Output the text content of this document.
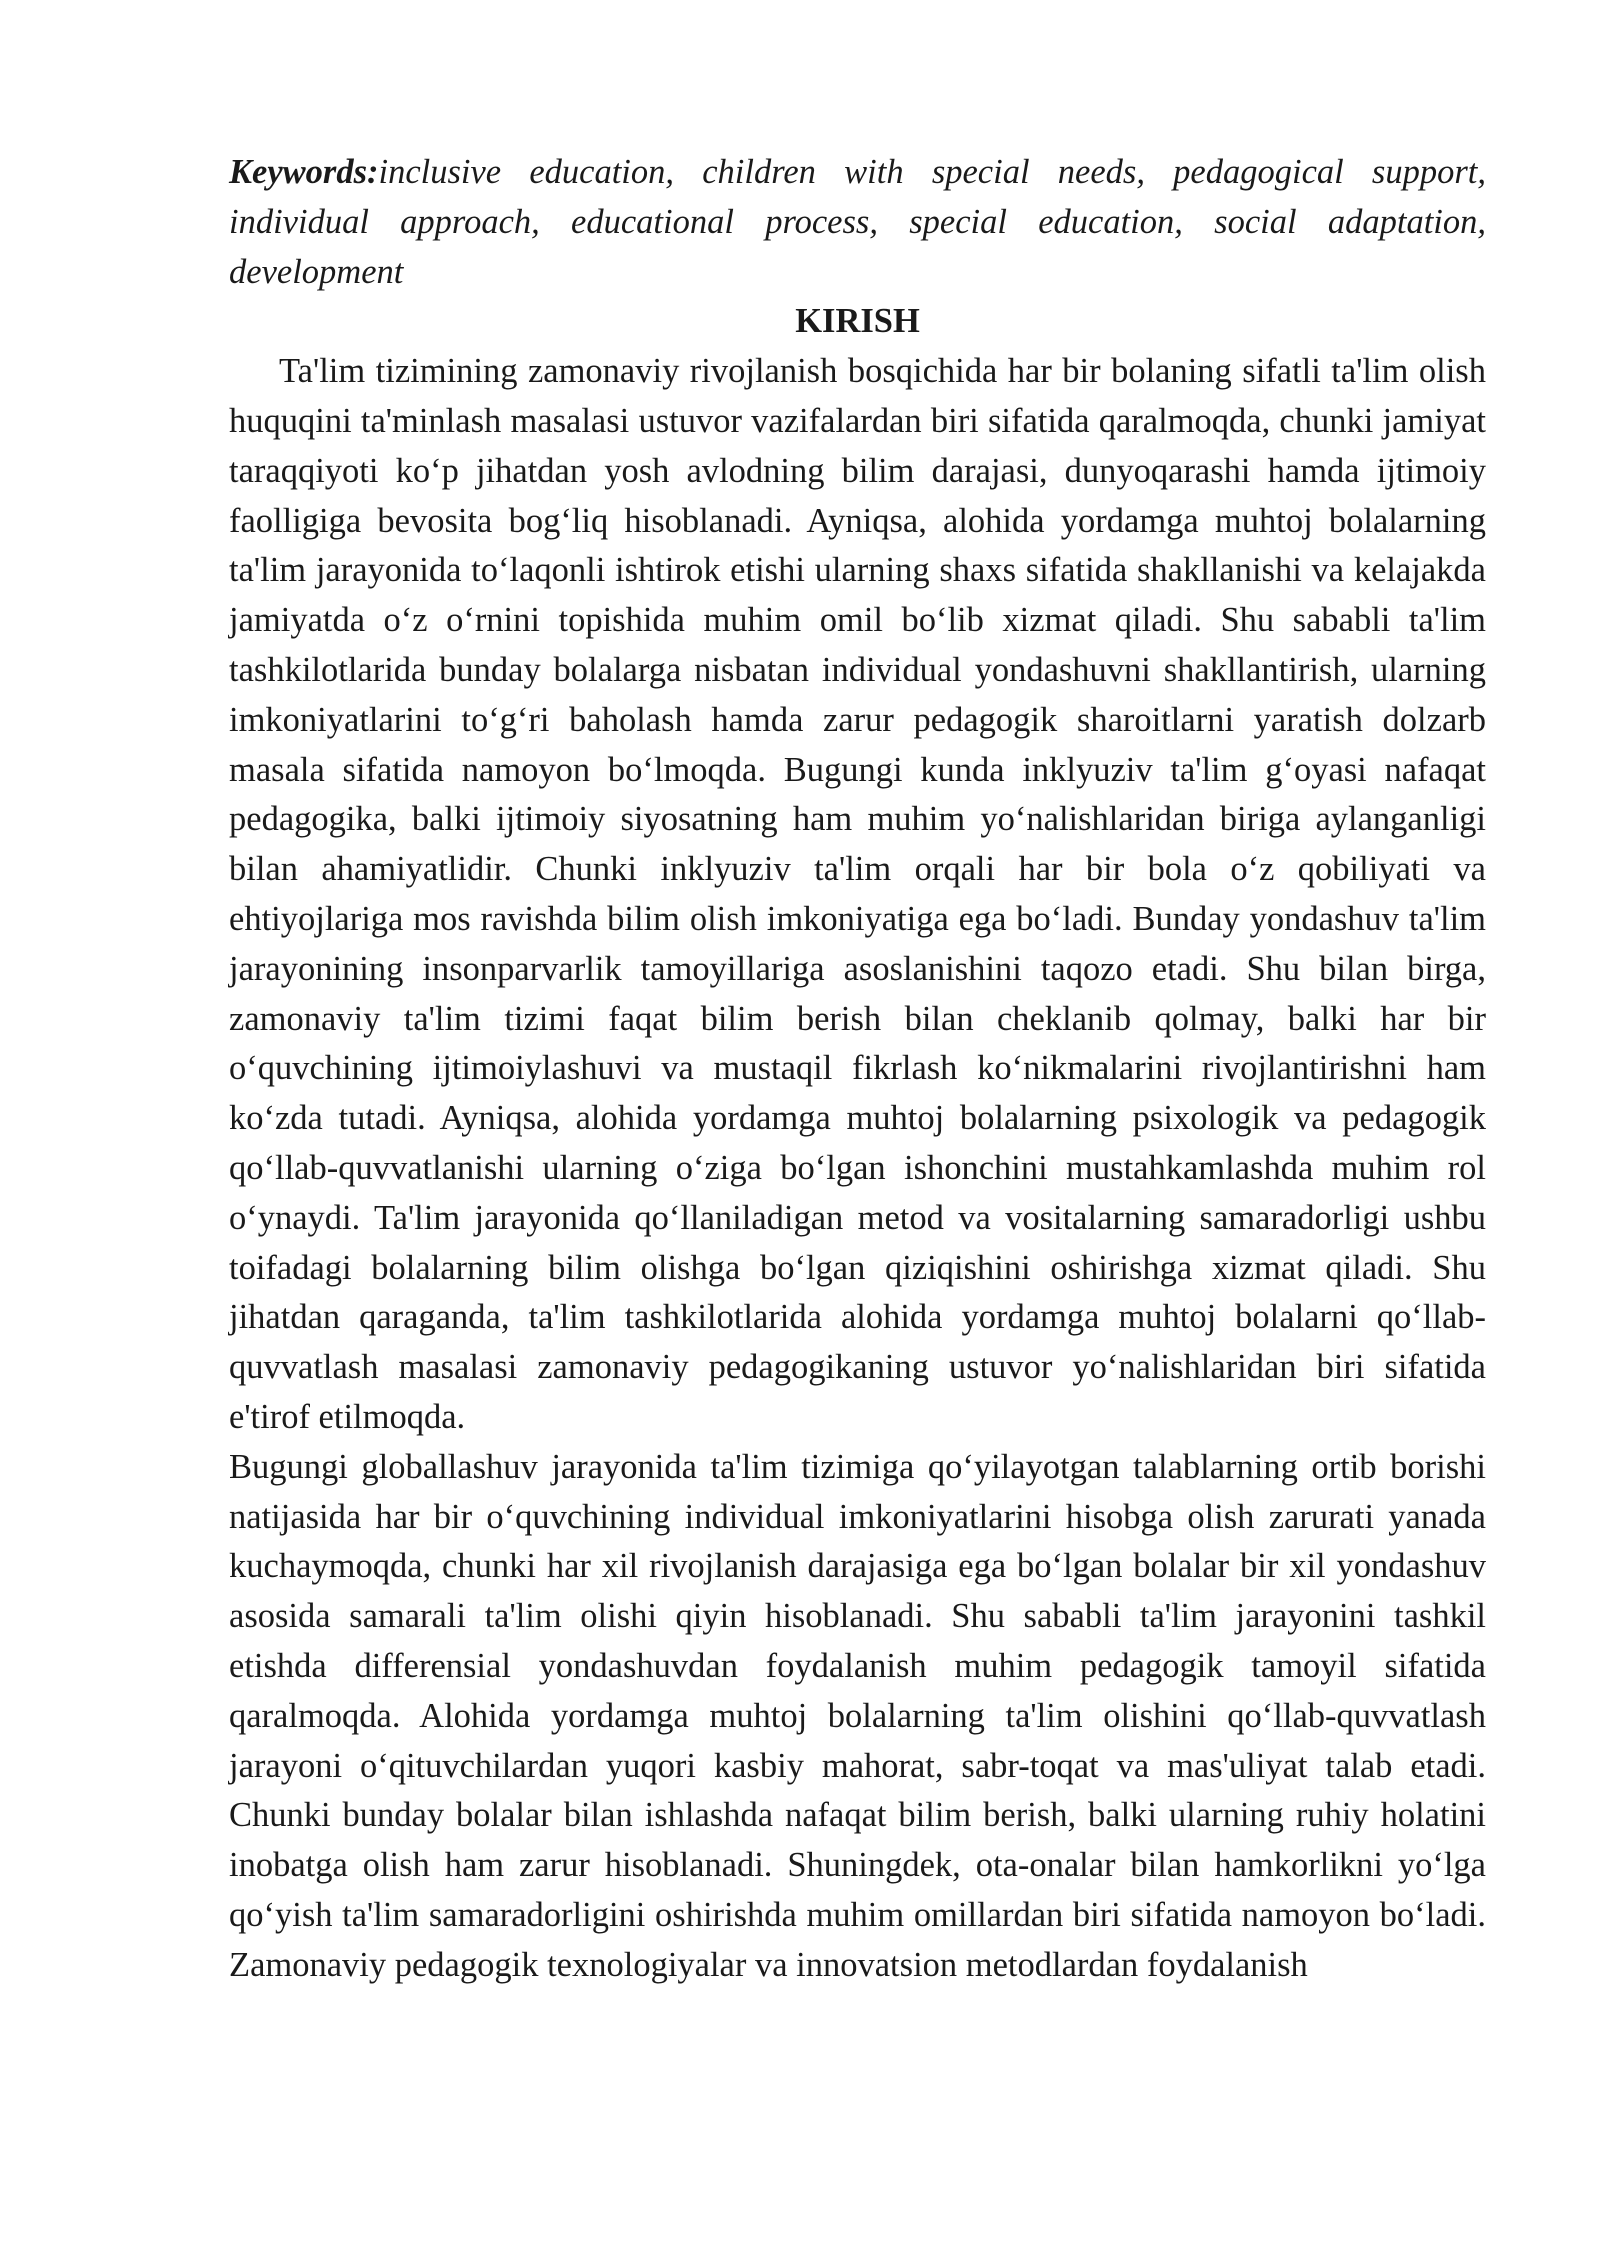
Keywords:inclusive education, children with special needs, pedagogical support, individual approach, educational process, special education, social adaptation, development

KIRISH

Ta'lim tizimining zamonaviy rivojlanish bosqichida har bir bolaning sifatli ta'lim olish huquqini ta'minlash masalasi ustuvor vazifalardan biri sifatida qaralmoqda, chunki jamiyat taraqqiyoti ko‘p jihatdan yosh avlodning bilim darajasi, dunyoqarashi hamda ijtimoiy faolligiga bevosita bog‘liq hisoblanadi. Ayniqsa, alohida yordamga muhtoj bolalarning ta'lim jarayonida to‘laqonli ishtirok etishi ularning shaxs sifatida shakllanishi va kelajakda jamiyatda o‘z o‘rnini topishida muhim omil bo‘lib xizmat qiladi. Shu sababli ta'lim tashkilotlarida bunday bolalarga nisbatan individual yondashuvni shakllantirish, ularning imkoniyatlarini to‘g‘ri baholash hamda zarur pedagogik sharoitlarni yaratish dolzarb masala sifatida namoyon bo‘lmoqda. Bugungi kunda inklyuziv ta'lim g‘oyasi nafaqat pedagogika, balki ijtimoiy siyosatning ham muhim yo‘nalishlaridan biriga aylanganligi bilan ahamiyatlidir. Chunki inklyuziv ta'lim orqali har bir bola o‘z qobiliyati va ehtiyojlariga mos ravishda bilim olish imkoniyatiga ega bo‘ladi. Bunday yondashuv ta'lim jarayonining insonparvarlik tamoyillariga asoslanishini taqozo etadi. Shu bilan birga, zamonaviy ta'lim tizimi faqat bilim berish bilan cheklanib qolmay, balki har bir o‘quvchining ijtimoiylashuvi va mustaqil fikrlash ko‘nikmalarini rivojlantirishni ham ko‘zda tutadi. Ayniqsa, alohida yordamga muhtoj bolalarning psixologik va pedagogik qo‘llab-quvvatlanishi ularning o‘ziga bo‘lgan ishonchini mustahkamlashda muhim rol o‘ynaydi. Ta'lim jarayonida qo‘llaniladigan metod va vositalarning samaradorligi ushbu toifadagi bolalarning bilim olishga bo‘lgan qiziqishini oshirishga xizmat qiladi. Shu jihatdan qaraganda, ta'lim tashkilotlarida alohida yordamga muhtoj bolalarni qo‘llab-quvvatlash masalasi zamonaviy pedagogikaning ustuvor yo‘nalishlaridan biri sifatida e'tirof etilmoqda.

Bugungi globallashuv jarayonida ta'lim tizimiga qo‘yilayotgan talablarning ortib borishi natijasida har bir o‘quvchining individual imkoniyatlarini hisobga olish zarurati yanada kuchaymoqda, chunki har xil rivojlanish darajasiga ega bo‘lgan bolalar bir xil yondashuv asosida samarali ta'lim olishi qiyin hisoblanadi. Shu sababli ta'lim jarayonini tashkil etishda differensial yondashuvdan foydalanish muhim pedagogik tamoyil sifatida qaralmoqda. Alohida yordamga muhtoj bolalarning ta'lim olishini qo‘llab-quvvatlash jarayoni o‘qituvchilardan yuqori kasbiy mahorat, sabr-toqat va mas'uliyat talab etadi. Chunki bunday bolalar bilan ishlashda nafaqat bilim berish, balki ularning ruhiy holatini inobatga olish ham zarur hisoblanadi. Shuningdek, ota-onalar bilan hamkorlikni yo‘lga qo‘yish ta'lim samaradorligini oshirishda muhim omillardan biri sifatida namoyon bo‘ladi. Zamonaviy pedagogik texnologiyalar va innovatsion metodlardan foydalanish
